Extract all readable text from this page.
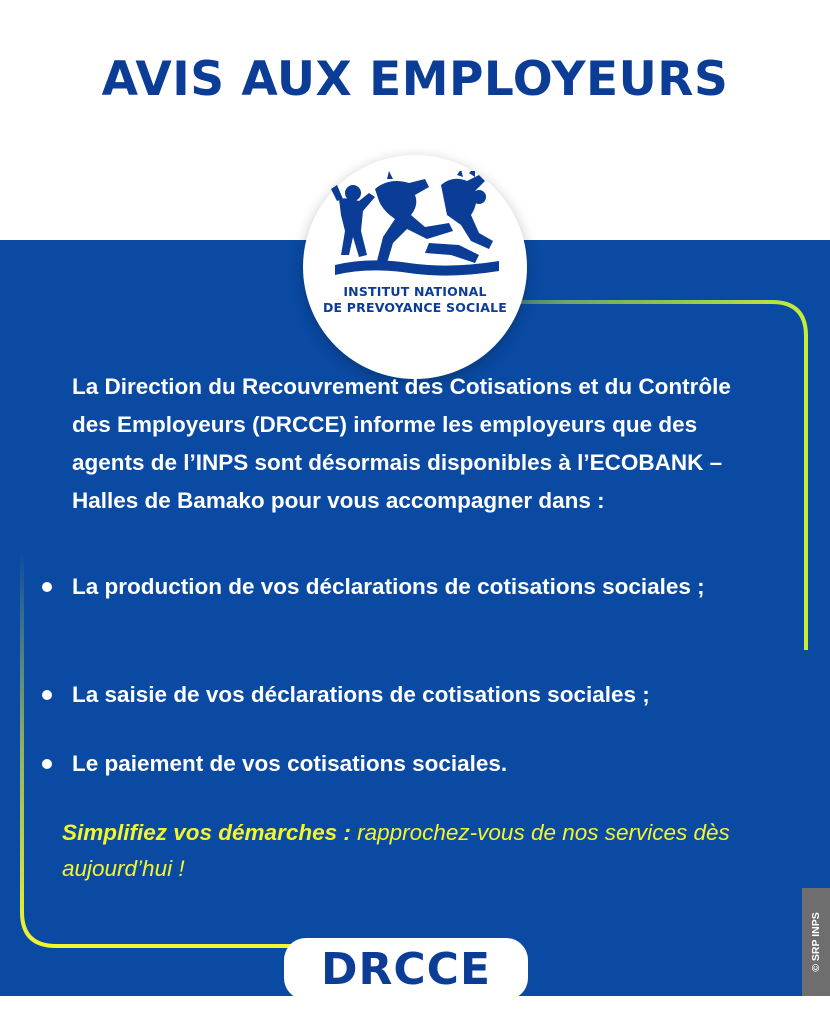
AVIS AUX EMPLOYEURS
INSTITUT NATIONAL
DE PREVOYANCE SOCIALE
La Direction du Recouvrement des Cotisations et du Contrôle des Employeurs (DRCCE) informe les employeurs que des agents de l’INPS sont désormais disponibles à l’ECOBANK – Halles de Bamako pour vous accompagner dans :
La production de vos déclarations de cotisations sociales ;
La saisie de vos déclarations de cotisations sociales ;
Le paiement de vos cotisations sociales.
Simplifiez vos démarches : rapprochez-vous de nos services dès aujourd’hui !
DRCCE	© SRP INPS
